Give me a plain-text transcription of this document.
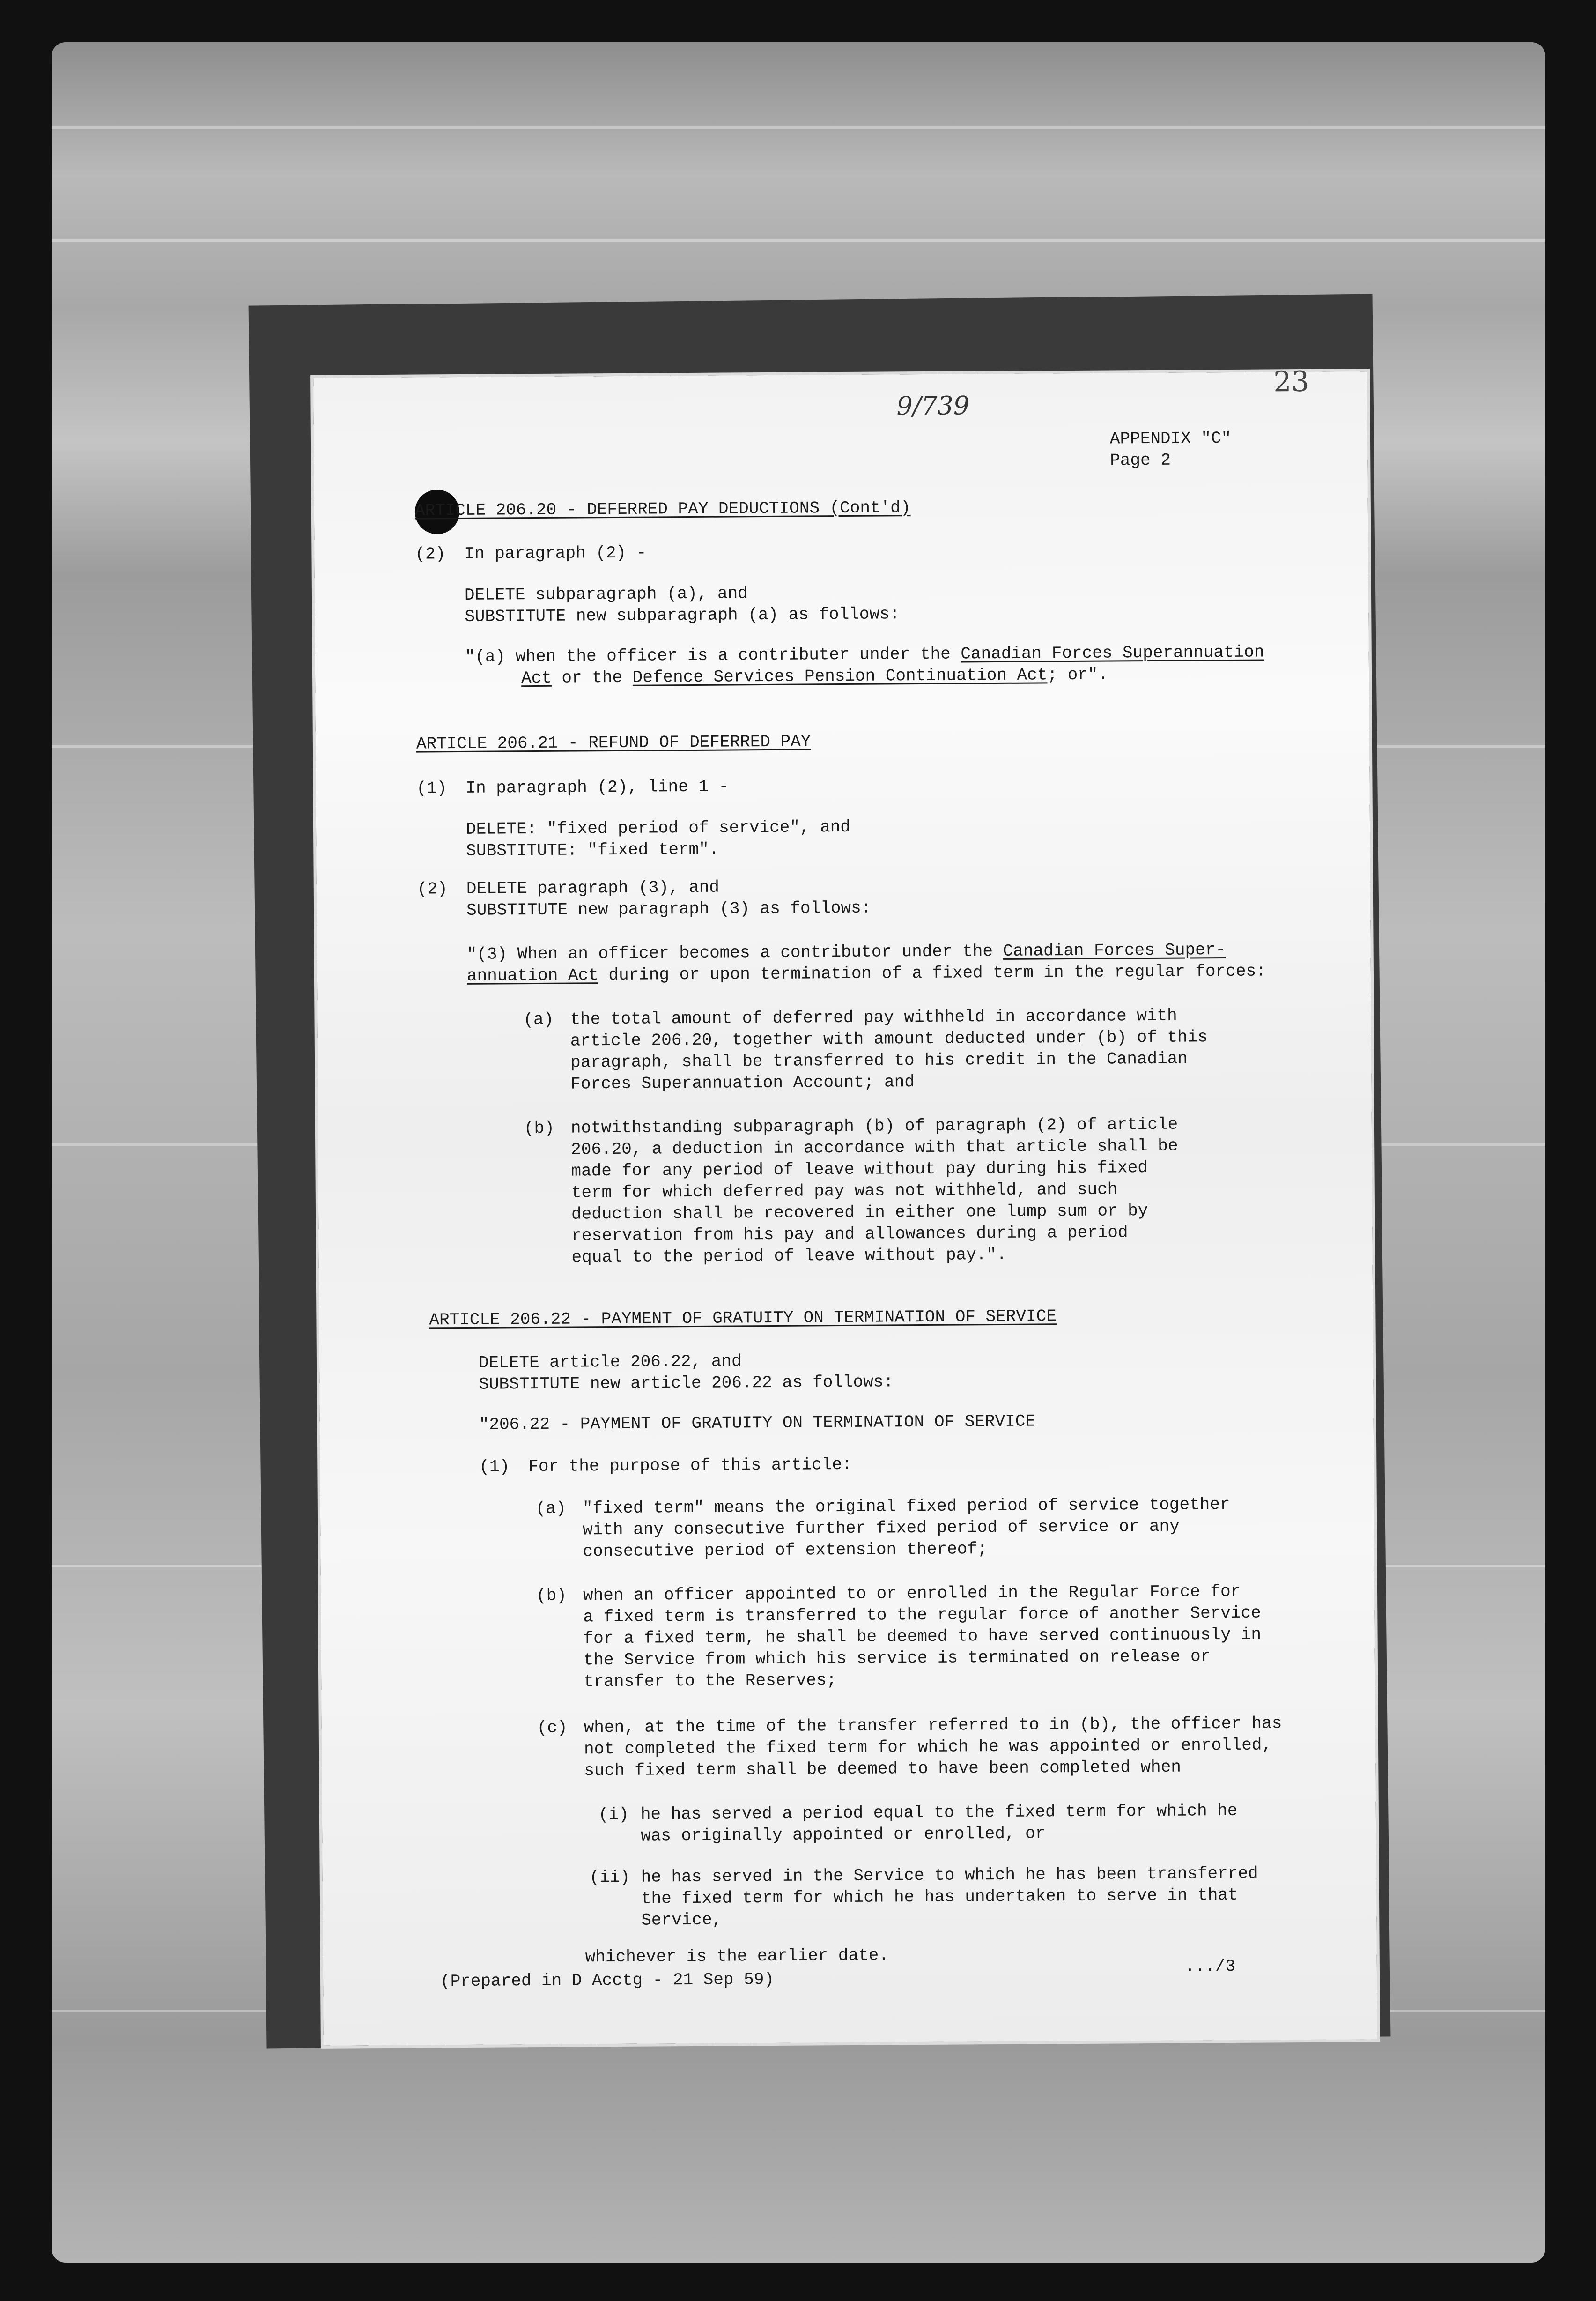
9/739
23
APPENDIX "C"
Page 2
ARTICLE 206.20 - DEFERRED PAY DEDUCTIONS (Cont'd)
(2) In paragraph (2) -
DELETE subparagraph (a), and
SUBSTITUTE new subparagraph (a) as follows:
"(a) when the officer is a contributer under the Canadian Forces Superannuation
Act or the Defence Services Pension Continuation Act; or".
ARTICLE 206.21 - REFUND OF DEFERRED PAY
(1) In paragraph (2), line 1 -
DELETE: "fixed period of service", and
SUBSTITUTE: "fixed term".
(2) DELETE paragraph (3), and
SUBSTITUTE new paragraph (3) as follows:
"(3) When an officer becomes a contributor under the Canadian Forces Super-
annuation Act during or upon termination of a fixed term in the regular forces:
(a) the total amount of deferred pay withheld in accordance with
article 206.20, together with amount deducted under (b) of this
paragraph, shall be transferred to his credit in the Canadian
Forces Superannuation Account; and
(b) notwithstanding subparagraph (b) of paragraph (2) of article
206.20, a deduction in accordance with that article shall be
made for any period of leave without pay during his fixed
term for which deferred pay was not withheld, and such
deduction shall be recovered in either one lump sum or by
reservation from his pay and allowances during a period
equal to the period of leave without pay.".
ARTICLE 206.22 - PAYMENT OF GRATUITY ON TERMINATION OF SERVICE
DELETE article 206.22, and
SUBSTITUTE new article 206.22 as follows:
"206.22 - PAYMENT OF GRATUITY ON TERMINATION OF SERVICE
(1) For the purpose of this article:
(a) "fixed term" means the original fixed period of service together
with any consecutive further fixed period of service or any
consecutive period of extension thereof;
(b) when an officer appointed to or enrolled in the Regular Force for
a fixed term is transferred to the regular force of another Service
for a fixed term, he shall be deemed to have served continuously in
the Service from which his service is terminated on release or
transfer to the Reserves;
(c) when, at the time of the transfer referred to in (b), the officer has
not completed the fixed term for which he was appointed or enrolled,
such fixed term shall be deemed to have been completed when
(i) he has served a period equal to the fixed term for which he
was originally appointed or enrolled, or
(ii) he has served in the Service to which he has been transferred
the fixed term for which he has undertaken to serve in that
Service,
whichever is the earlier date.
(Prepared in D Acctg - 21 Sep 59)
.../3
